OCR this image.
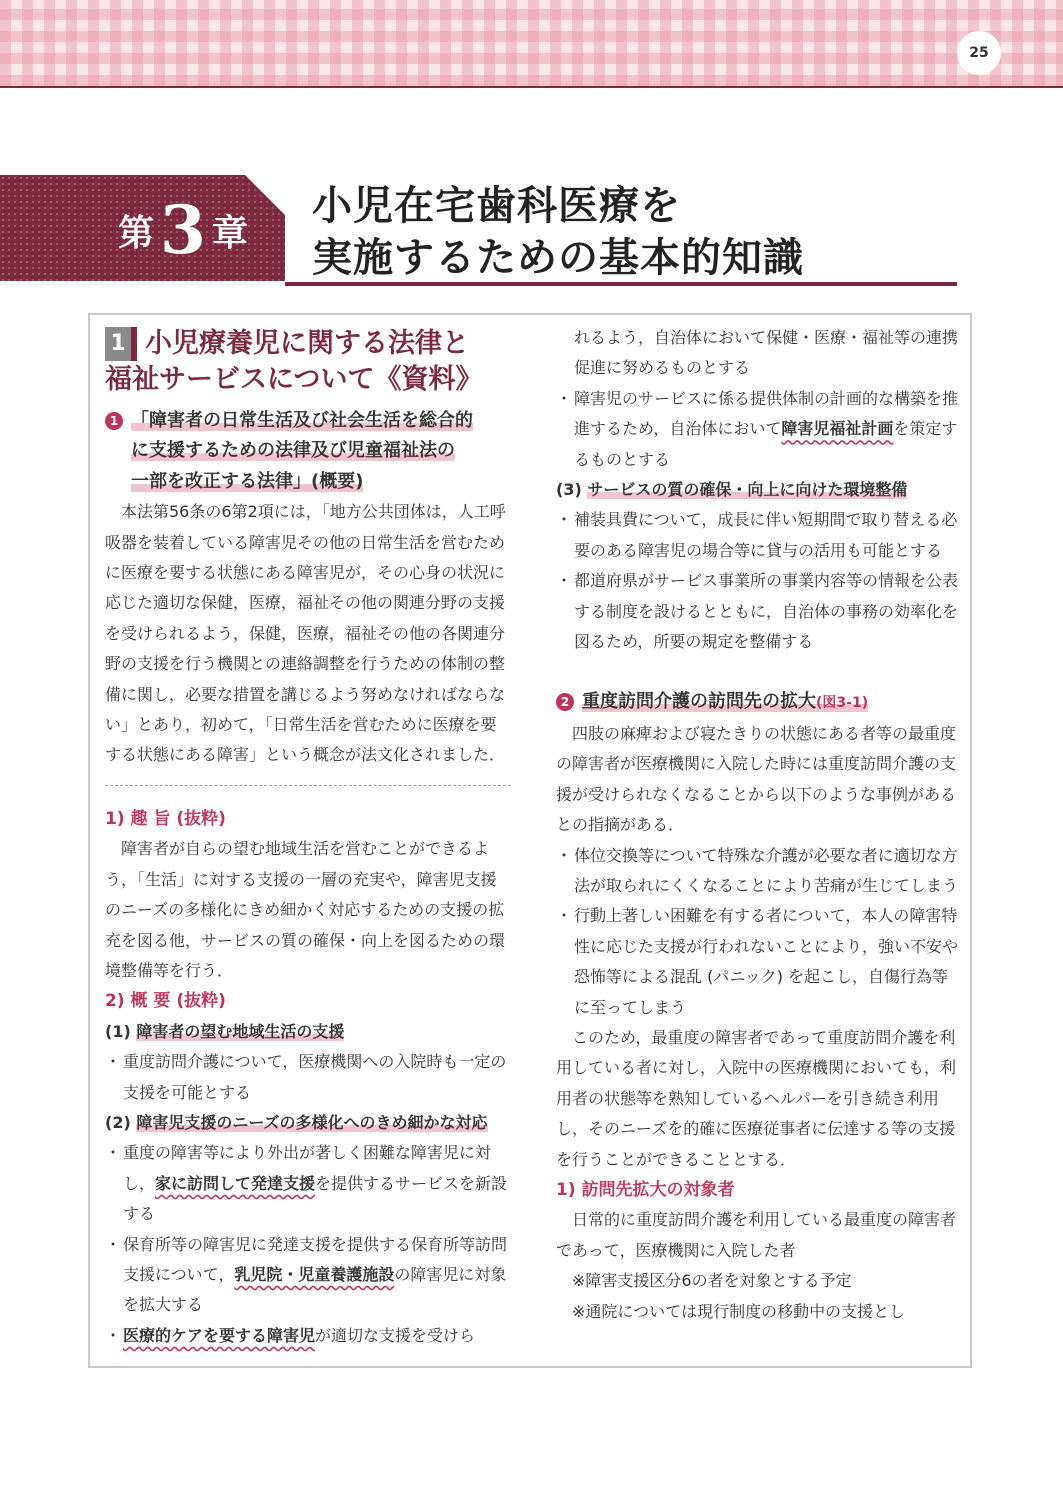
25
第 3 章
小児在宅歯科医療を
実施するための基本的知識
1 小児療養児に関する法律と
福祉サービスについて《資料》
1 「障害者の日常生活及び社会生活を総合的
に支援するための法律及び児童福祉法の
一部を改正する法律」(概要)

本法第56条の6第2項には，「地方公共団体は，人工呼吸器を装着している障害児その他の日常生活を営むために医療を要する状態にある障害児が，その心身の状況に応じた適切な保健，医療，福祉その他の関連分野の支援を受けられるよう，保健，医療，福祉その他の各関連分野の支援を行う機関との連絡調整を行うための体制の整備に関し，必要な措置を講じるよう努めなければならない」とあり，初めて，「日常生活を営むために医療を要する状態にある障害」という概念が法文化されました．

1) 趣 旨 (抜粋)

障害者が自らの望む地域生活を営むことができるよう，「生活」に対する支援の一層の充実や，障害児支援のニーズの多様化にきめ細かく対応するための支援の拡充を図る他，サービスの質の確保・向上を図るための環境整備等を行う．

2) 概 要 (抜粋)

(1) 障害者の望む地域生活の支援

・ 重度訪問介護について，医療機関への入院時も一定の支援を可能とする

(2) 障害児支援のニーズの多様化へのきめ細かな対応

・ 重度の障害等により外出が著しく困難な障害児に対し，家に訪問して発達支援を提供するサービスを新設する

・ 保育所等の障害児に発達支援を提供する保育所等訪問支援について，乳児院・児童養護施設の障害児に対象を拡大する

・ 医療的ケアを要する障害児が適切な支援を受けら

れるよう，自治体において保健・医療・福祉等の連携促進に努めるものとする

・ 障害児のサービスに係る提供体制の計画的な構築を推進するため，自治体において障害児福祉計画を策定するものとする

(3) サービスの質の確保・向上に向けた環境整備

・ 補装具費について，成長に伴い短期間で取り替える必要のある障害児の場合等に貸与の活用も可能とする

・ 都道府県がサービス事業所の事業内容等の情報を公表する制度を設けるとともに，自治体の事務の効率化を図るため，所要の規定を整備する

2 重度訪問介護の訪問先の拡大(図3-1)

四肢の麻痺および寝たきりの状態にある者等の最重度の障害者が医療機関に入院した時には重度訪問介護の支援が受けられなくなることから以下のような事例があるとの指摘がある．

・ 体位交換等について特殊な介護が必要な者に適切な方法が取られにくくなることにより苦痛が生じてしまう

・ 行動上著しい困難を有する者について，本人の障害特性に応じた支援が行われないことにより，強い不安や恐怖等による混乱 (パニック) を起こし，自傷行為等に至ってしまう

このため，最重度の障害者であって重度訪問介護を利用している者に対し，入院中の医療機関においても，利用者の状態等を熟知しているヘルパーを引き続き利用し，そのニーズを的確に医療従事者に伝達する等の支援を行うことができることとする．

1) 訪問先拡大の対象者

日常的に重度訪問介護を利用している最重度の障害者であって，医療機関に入院した者

※障害支援区分6の者を対象とする予定

※通院については現行制度の移動中の支援とし
